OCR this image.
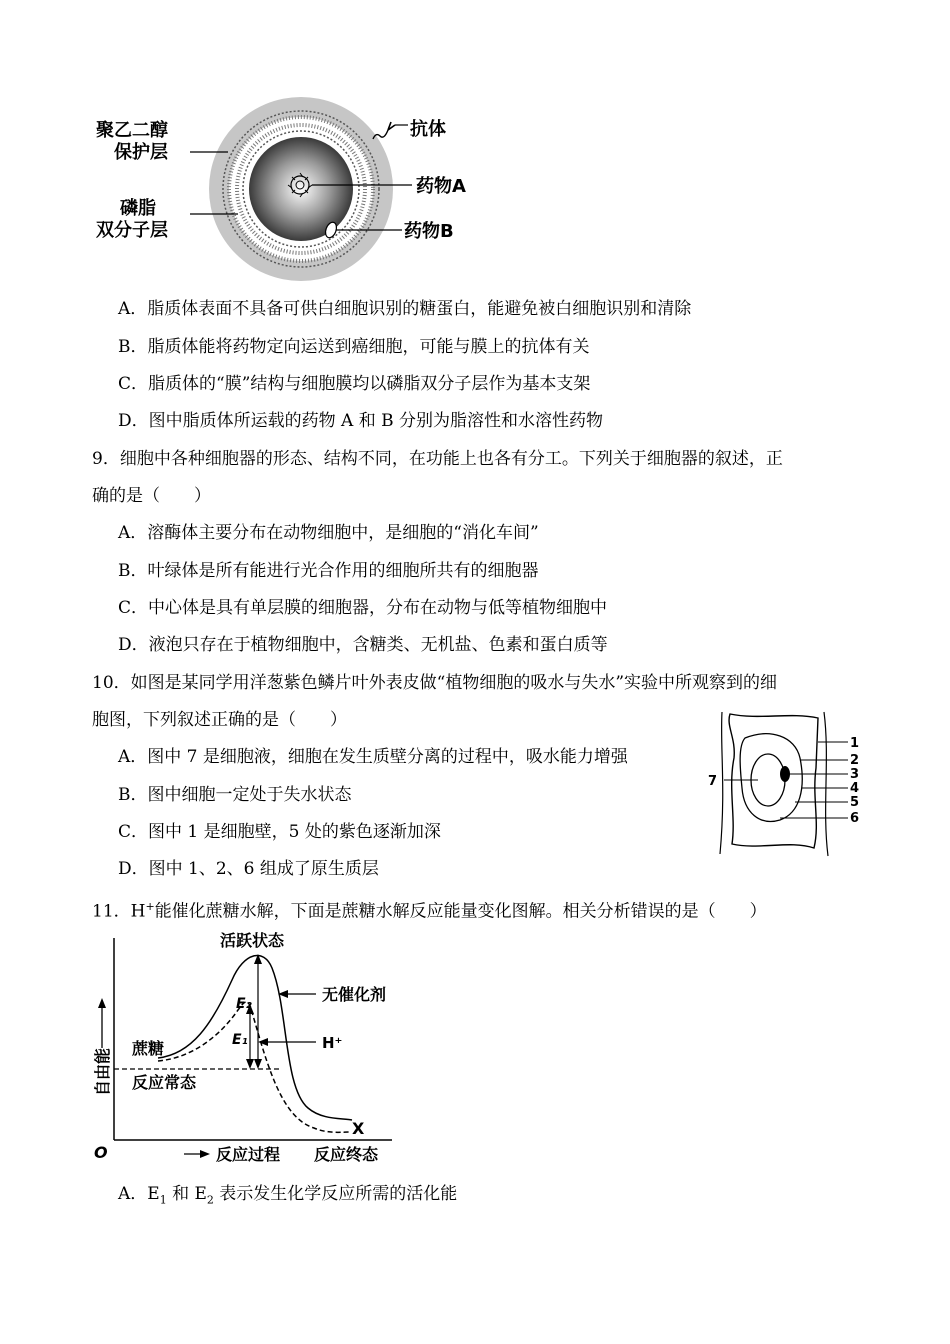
聚乙二醇
保护层
磷脂
双分子层
抗体
药物A
药物B
A．脂质体表面不具备可供白细胞识别的糖蛋白，能避免被白细胞识别和清除
B．脂质体能将药物定向运送到癌细胞，可能与膜上的抗体有关
C．脂质体的“膜”结构与细胞膜均以磷脂双分子层作为基本支架
D．图中脂质体所运载的药物 A 和 B 分别为脂溶性和水溶性药物
9．细胞中各种细胞器的形态、结构不同，在功能上也各有分工。下列关于细胞器的叙述，正
确的是（　　）
A．溶酶体主要分布在动物细胞中，是细胞的“消化车间”
B．叶绿体是所有能进行光合作用的细胞所共有的细胞器
C．中心体是具有单层膜的细胞器，分布在动物与低等植物细胞中
D．液泡只存在于植物细胞中，含糖类、无机盐、色素和蛋白质等
10．如图是某同学用洋葱紫色鳞片叶外表皮做“植物细胞的吸水与失水”实验中所观察到的细
胞图，下列叙述正确的是（　　）
A．图中 7 是细胞液，细胞在发生质壁分离的过程中，吸水能力增强
B．图中细胞一定处于失水状态
C．图中 1 是细胞壁，5 处的紫色逐渐加深
D．图中 1、2、6 组成了原生质层
1
2
3
4
5
6
7
11．H+能催化蔗糖水解，下面是蔗糖水解反应能量变化图解。相关分析错误的是（　　）
活跃状态
无催化剂
H⁺
蔗糖
反应常态
X
E₂
E₁
O	反应过程 反应终态
自由能
A．$E_1$ 和 $E_2$ 表示发生化学反应所需的活化能
